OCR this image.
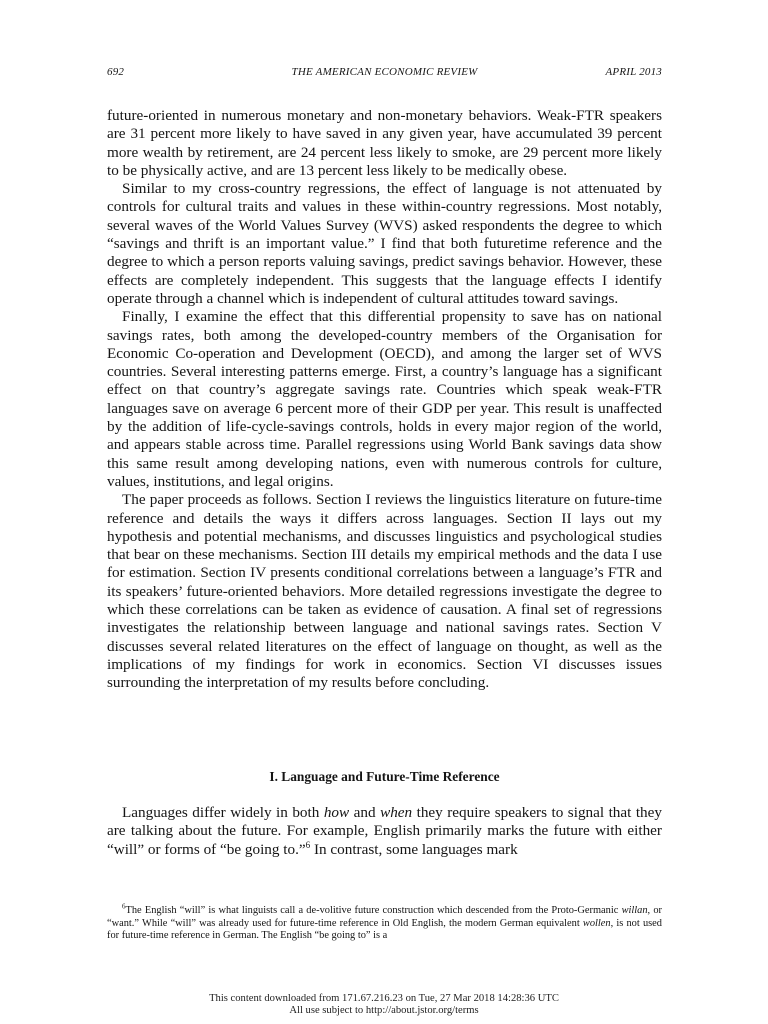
692	THE AMERICAN ECONOMIC REVIEW	APRIL 2013

future-oriented in numerous monetary and non-monetary behaviors. Weak-FTR speakers are 31 percent more likely to have saved in any given year, have accumulated 39 percent more wealth by retirement, are 24 percent less likely to smoke, are 29 percent more likely to be physically active, and are 13 percent less likely to be medically obese.

Similar to my cross-country regressions, the effect of language is not attenuated by controls for cultural traits and values in these within-country regressions. Most notably, several waves of the World Values Survey (WVS) asked respondents the degree to which “savings and thrift is an important value.” I find that both futuretime reference and the degree to which a person reports valuing savings, predict savings behavior. However, these effects are completely independent. This suggests that the language effects I identify operate through a channel which is independent of cultural attitudes toward savings.

Finally, I examine the effect that this differential propensity to save has on national savings rates, both among the developed-country members of the Organisation for Economic Co-operation and Development (OECD), and among the larger set of WVS countries. Several interesting patterns emerge. First, a country’s language has a significant effect on that country’s aggregate savings rate. Countries which speak weak-FTR languages save on average 6 percent more of their GDP per year. This result is unaffected by the addition of life-cycle-savings controls, holds in every major region of the world, and appears stable across time. Parallel regressions using World Bank savings data show this same result among developing nations, even with numerous controls for culture, values, institutions, and legal origins.

The paper proceeds as follows. Section I reviews the linguistics literature on future-time reference and details the ways it differs across languages. Section II lays out my hypothesis and potential mechanisms, and discusses linguistics and psychological studies that bear on these mechanisms. Section III details my empirical methods and the data I use for estimation. Section IV presents conditional correlations between a language’s FTR and its speakers’ future-oriented behaviors. More detailed regressions investigate the degree to which these correlations can be taken as evidence of causation. A final set of regressions investigates the relationship between language and national savings rates. Section V discusses several related literatures on the effect of language on thought, as well as the implications of my findings for work in economics. Section VI discusses issues surrounding the interpretation of my results before concluding.

I. Language and Future-Time Reference

Languages differ widely in both how and when they require speakers to signal that they are talking about the future. For example, English primarily marks the future with either “will” or forms of “be going to.”$^6$ In contrast, some languages mark

$^6$The English “will” is what linguists call a de-volitive future construction which descended from the Proto-Germanic willan, or “want.” While “will” was already used for future-time reference in Old English, the modern German equivalent wollen, is not used for future-time reference in German. The English “be going to” is a

This content downloaded from 171.67.216.23 on Tue, 27 Mar 2018 14:28:36 UTC
All use subject to http://about.jstor.org/terms
